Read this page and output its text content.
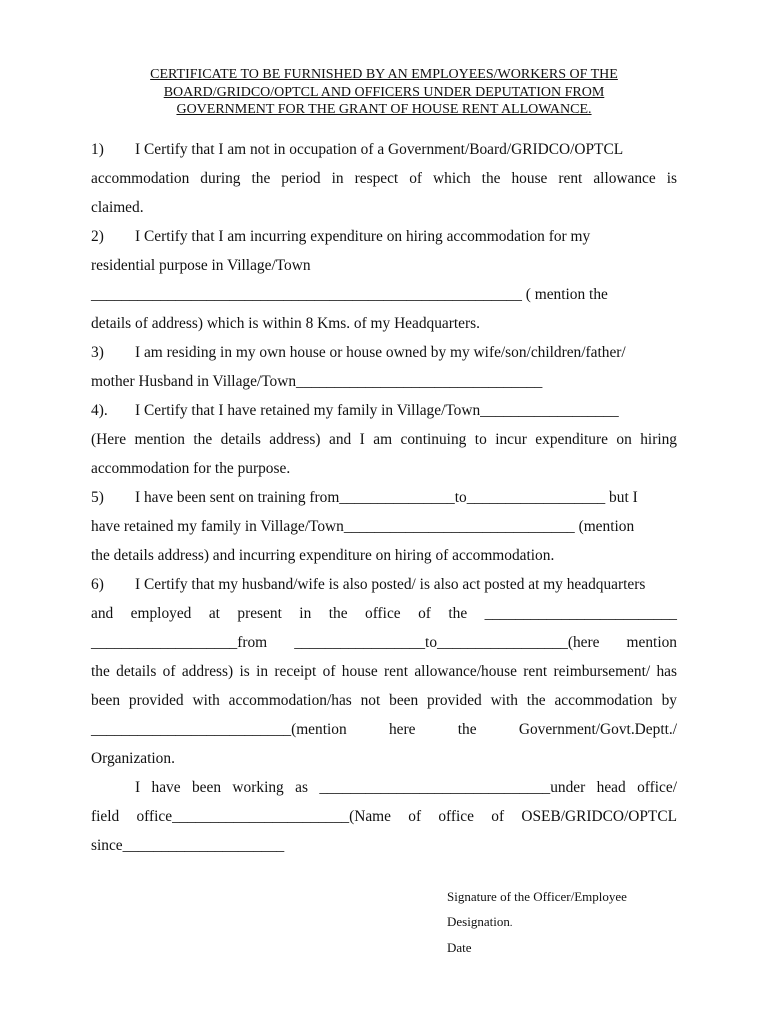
CERTIFICATE TO BE FURNISHED BY AN EMPLOYEES/WORKERS OF THE
BOARD/GRIDCO/OPTCL AND OFFICERS UNDER DEPUTATION FROM
GOVERNMENT FOR THE GRANT OF HOUSE RENT ALLOWANCE.
1) I Certify that I am not in occupation of a Government/Board/GRIDCO/OPTCL
accommodation during the period in respect of which the house rent allowance is
claimed.
2) I Certify that I am incurring expenditure on hiring accommodation for my
residential purpose in Village/Town
________________________________________________________ ( mention the
details of address) which is within 8 Kms. of my Headquarters.
3) I am residing in my own house or house owned by my wife/son/children/father/
mother Husband in Village/Town________________________________
4). I Certify that I have retained my family in Village/Town__________________
(Here mention the details address) and I am continuing to incur expenditure on hiring
accommodation for the purpose.
5) I have been sent on training from_______________to__________________ but I
have retained my family in Village/Town______________________________ (mention
the details address) and incurring expenditure on hiring of accommodation.
6) I Certify that my husband/wife is also posted/ is also act posted at my headquarters
and employed at present in the office of the _________________________
___________________from _________________to_________________(here mention
the details of address) is in receipt of house rent allowance/house rent reimbursement/ has
been provided with accommodation/has not been provided with the accommodation by
__________________________(mention here the Government/Govt.Deptt./
Organization.
I have been working as ______________________________under head office/
field office_______________________(Name of office of OSEB/GRIDCO/OPTCL
since_____________________
Signature of the Officer/Employee
Designation.
Date
